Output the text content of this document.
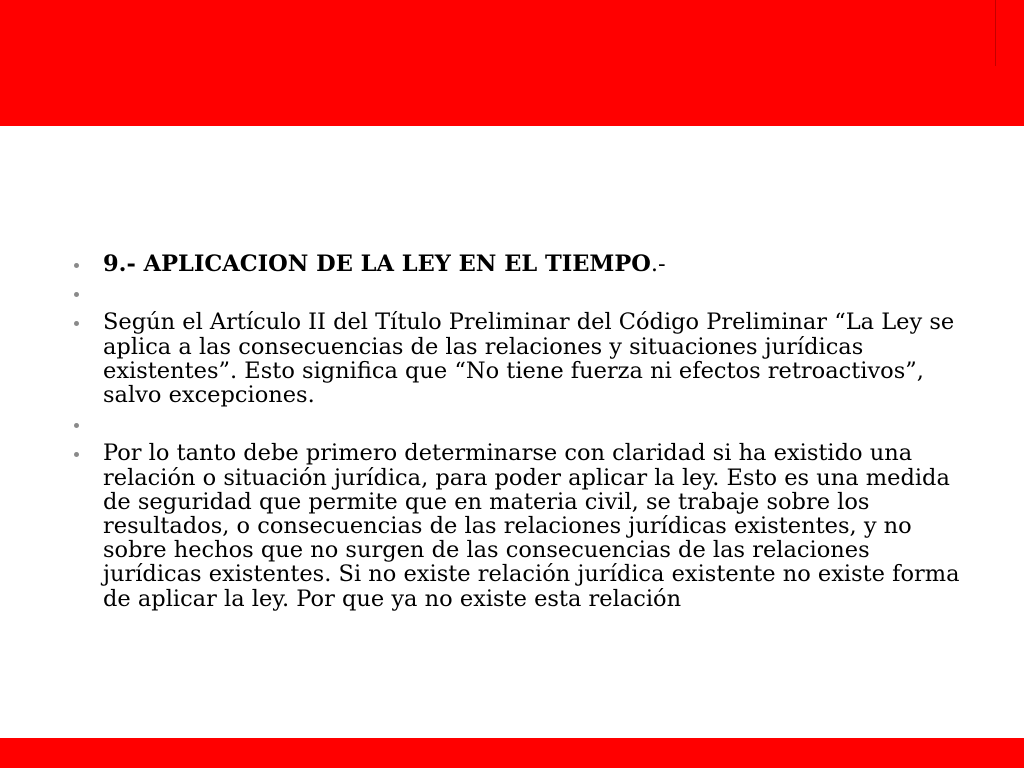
9.- APLICACION DE LA LEY EN EL TIEMPO.-
Según el Artículo II del Título Preliminar del Código Preliminar “La Ley se aplica a las consecuencias de las relaciones y situaciones jurídicas existentes”. Esto significa que “No tiene fuerza ni efectos retroactivos”, salvo excepciones.
Por lo tanto debe primero determinarse con claridad si ha existido una relación o situación jurídica, para poder aplicar la ley. Esto es una medida de seguridad que permite que en materia civil, se trabaje sobre los resultados, o consecuencias de las relaciones jurídicas existentes, y no sobre hechos que no surgen de las consecuencias de las relaciones jurídicas existentes. Si no existe relación jurídica existente no existe forma de aplicar la ley. Por que ya no existe esta relación
